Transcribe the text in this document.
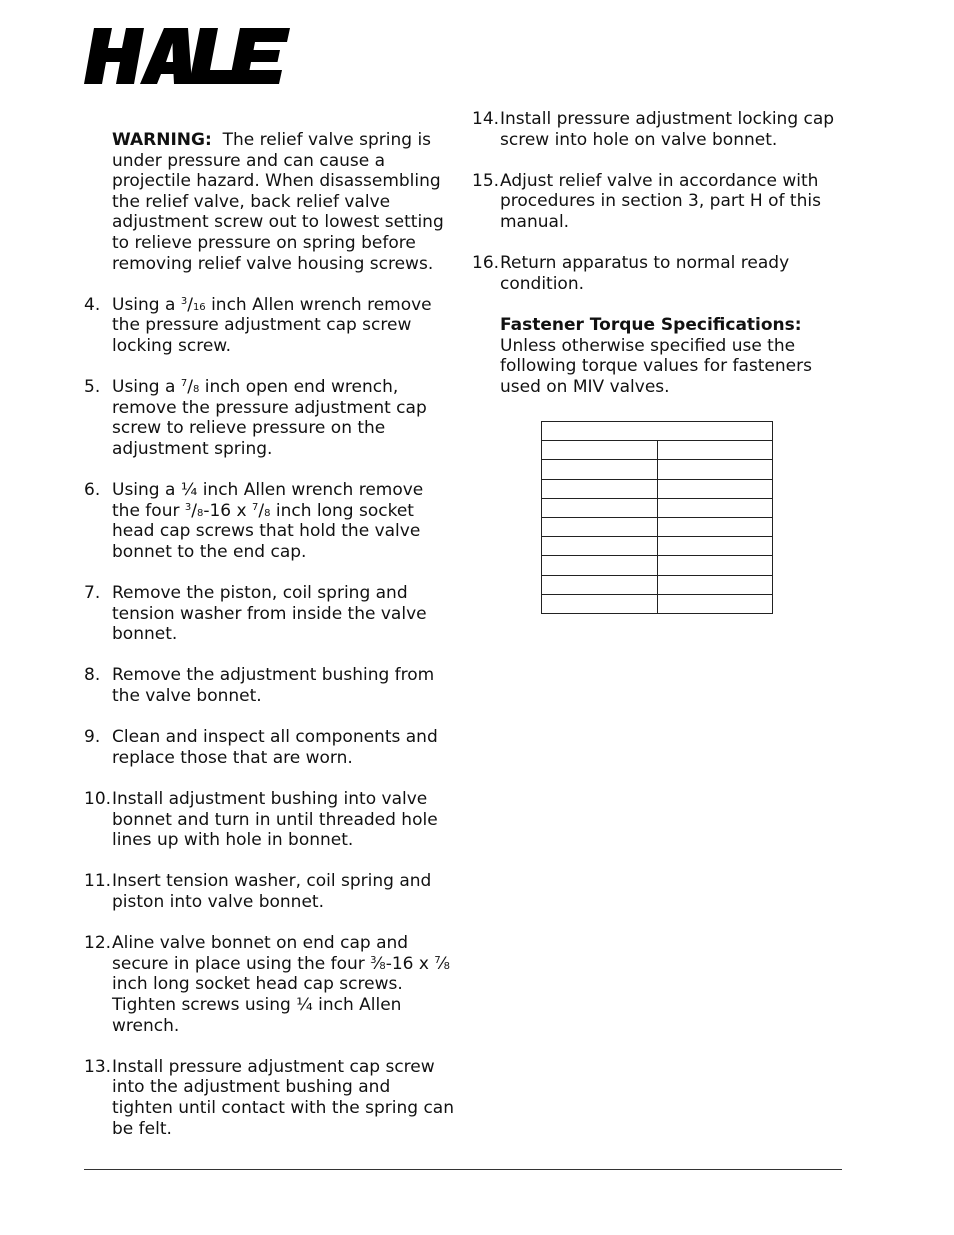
WARNING: The relief valve spring is under pressure and can cause a projectile hazard. When disassembling the relief valve, back relief valve adjustment screw out to lowest setting to relieve pressure on spring before removing relief valve housing screws.
4. Using a $^3$/16 inch Allen wrench remove the pressure adjustment cap screw locking screw.
5. Using a $^7$/8 inch open end wrench, remove the pressure adjustment cap screw to relieve pressure on the adjustment spring.
6. Using a ¼ inch Allen wrench remove the four $^3$/8-16 x $^7$/8 inch long socket head cap screws that hold the valve bonnet to the end cap.
7. Remove the piston, coil spring and tension washer from inside the valve bonnet.
8. Remove the adjustment bushing from the valve bonnet.
9. Clean and inspect all components and replace those that are worn.
10. Install adjustment bushing into valve bonnet and turn in until threaded hole lines up with hole in bonnet.
11. Insert tension washer, coil spring and piston into valve bonnet.
12. Aline valve bonnet on end cap and secure in place using the four $^3$⁄8-16 x $^7$⁄8 inch long socket head cap screws. Tighten screws using ¼ inch Allen wrench.
13. Install pressure adjustment cap screw into the adjustment bushing and tighten until contact with the spring can be felt.
14. Install pressure adjustment locking cap screw into hole on valve bonnet.
15. Adjust relief valve in accordance with procedures in section 3, part H of this manual.
16. Return apparatus to normal ready condition.
Fastener Torque Specifications:  Unless otherwise specified use the following torque values for fasteners used on MIV valves.
